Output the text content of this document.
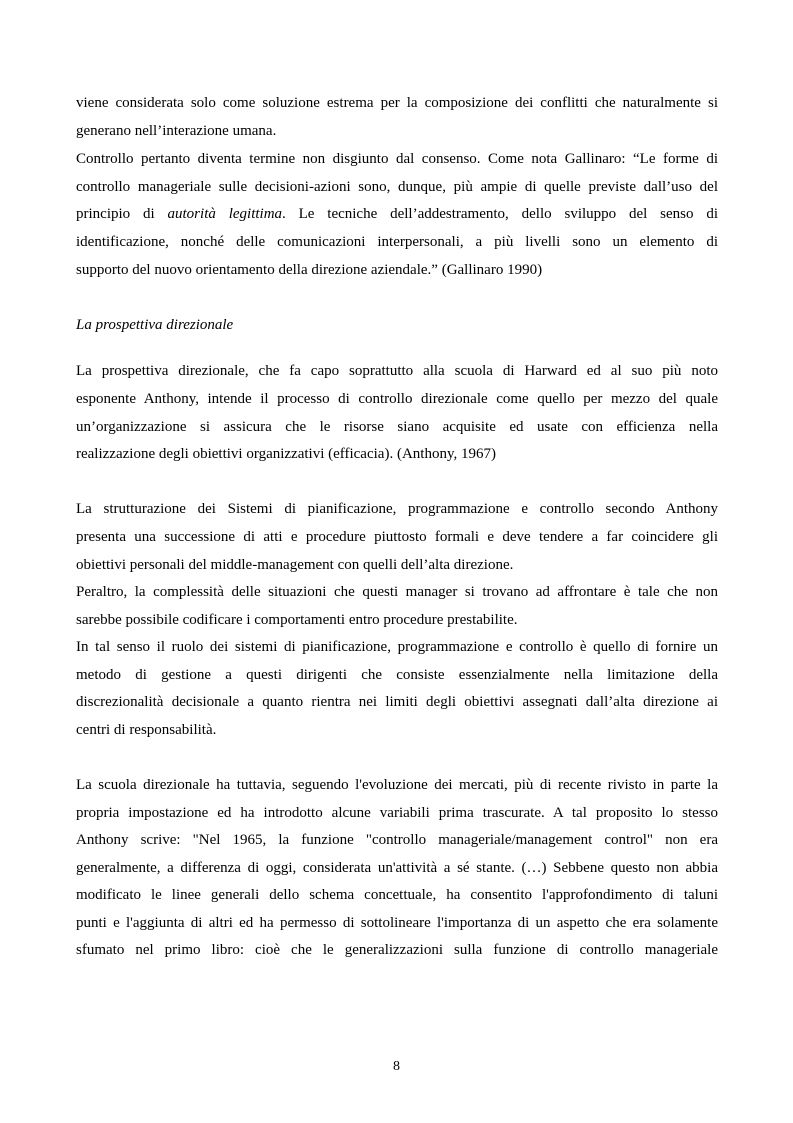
viene considerata solo come soluzione estrema per la composizione dei conflitti che naturalmente si
generano nell’interazione umana.
Controllo pertanto diventa termine non disgiunto dal consenso. Come nota Gallinaro: “Le forme di
controllo manageriale sulle decisioni-azioni sono, dunque, più ampie di quelle previste dall’uso del
principio di autorità legittima. Le tecniche dell’addestramento, dello sviluppo del senso di
identificazione, nonché delle comunicazioni interpersonali, a più livelli sono un elemento di
supporto del nuovo orientamento della direzione aziendale.” (Gallinaro 1990)
La prospettiva direzionale
La prospettiva direzionale, che fa capo soprattutto alla scuola di Harward ed al suo più noto
esponente Anthony, intende il processo di controllo direzionale come quello per mezzo del quale
un’organizzazione si assicura che le risorse siano acquisite ed usate con efficienza nella
realizzazione degli obiettivi organizzativi (efficacia). (Anthony, 1967)
La strutturazione dei Sistemi di pianificazione, programmazione e controllo secondo Anthony
presenta una successione di atti e procedure piuttosto formali e deve tendere a far coincidere gli
obiettivi personali del middle-management con quelli dell’alta direzione.
Peraltro, la complessità delle situazioni che questi manager si trovano ad affrontare è tale che non
sarebbe possibile codificare i comportamenti entro procedure prestabilite.
In tal senso il ruolo dei sistemi di pianificazione, programmazione e controllo è quello di fornire un
metodo di gestione a questi dirigenti che consiste essenzialmente nella limitazione della
discrezionalità decisionale a quanto rientra nei limiti degli obiettivi assegnati dall’alta direzione ai
centri di responsabilità.
La scuola direzionale ha tuttavia, seguendo l'evoluzione dei mercati, più di recente rivisto in parte la
propria impostazione ed ha introdotto alcune variabili prima trascurate. A tal proposito lo stesso
Anthony scrive: "Nel 1965, la funzione "controllo manageriale/management control" non era
generalmente, a differenza di oggi, considerata un'attività a sé stante. (…) Sebbene questo non abbia
modificato le linee generali dello schema concettuale, ha consentito l'approfondimento di taluni
punti e l'aggiunta di altri ed ha permesso di sottolineare l'importanza di un aspetto che era solamente
sfumato nel primo libro: cioè che le generalizzazioni sulla funzione di controllo manageriale
8
